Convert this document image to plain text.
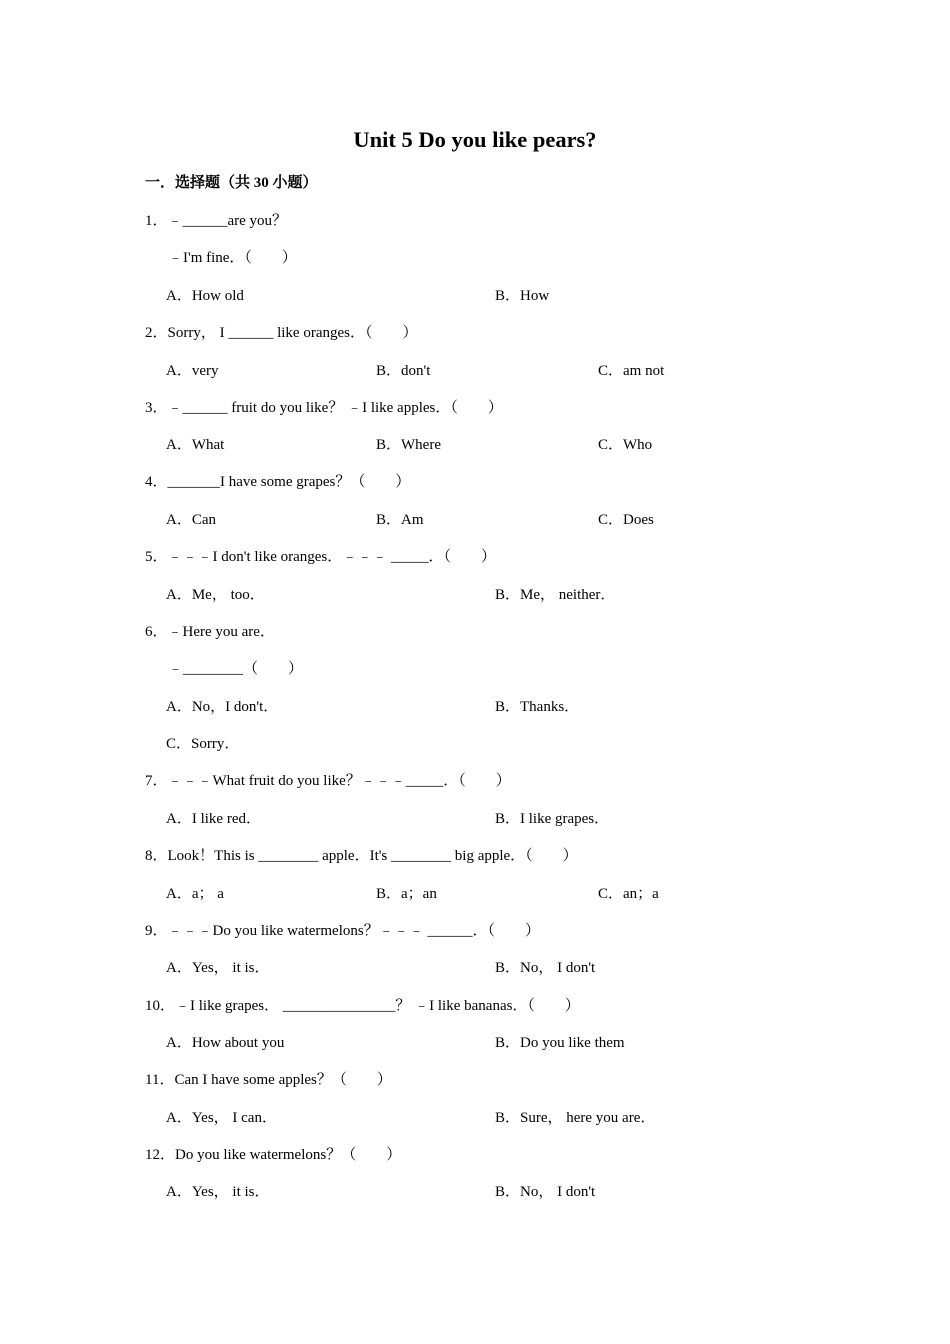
Unit 5 Do you like pears?
一．选择题（共 30 小题）
1．﹣______are you？
﹣I'm fine．（　　）
A．How old	B．How
2．Sorry， I ______ like oranges．（　　）
A．very	B．don't	C．am not
3．﹣______ fruit do you like？ ﹣I like apples．（　　）
A．What	B．Where	C．Who
4．_______I have some grapes？（　　）
A．Can	B．Am	C．Does
5．﹣﹣﹣I don't like oranges．﹣﹣﹣ _____．（　　）
A．Me， too．	B．Me， neither．
6．﹣Here you are．
﹣________（　　）
A．No，I don't．	B．Thanks．
C．Sorry．
7．﹣﹣﹣What fruit do you like？﹣﹣﹣_____．（　　）
A．I like red．	B．I like grapes．
8．Look！This is ________ apple．It's ________ big apple．（　　）
A．a； a	B．a；an	C．an；a
9．﹣﹣﹣Do you like watermelons？﹣﹣﹣ ______．（　　）
A．Yes， it is．	B．No， I don't
10．﹣I like grapes． _______________？ ﹣I like bananas．（　　）
A．How about you	B．Do you like them
11．Can I have some apples？（　　）
A．Yes， I can．	B．Sure， here you are．
12．Do you like watermelons？（　　）
A．Yes， it is．	B．No， I don't
